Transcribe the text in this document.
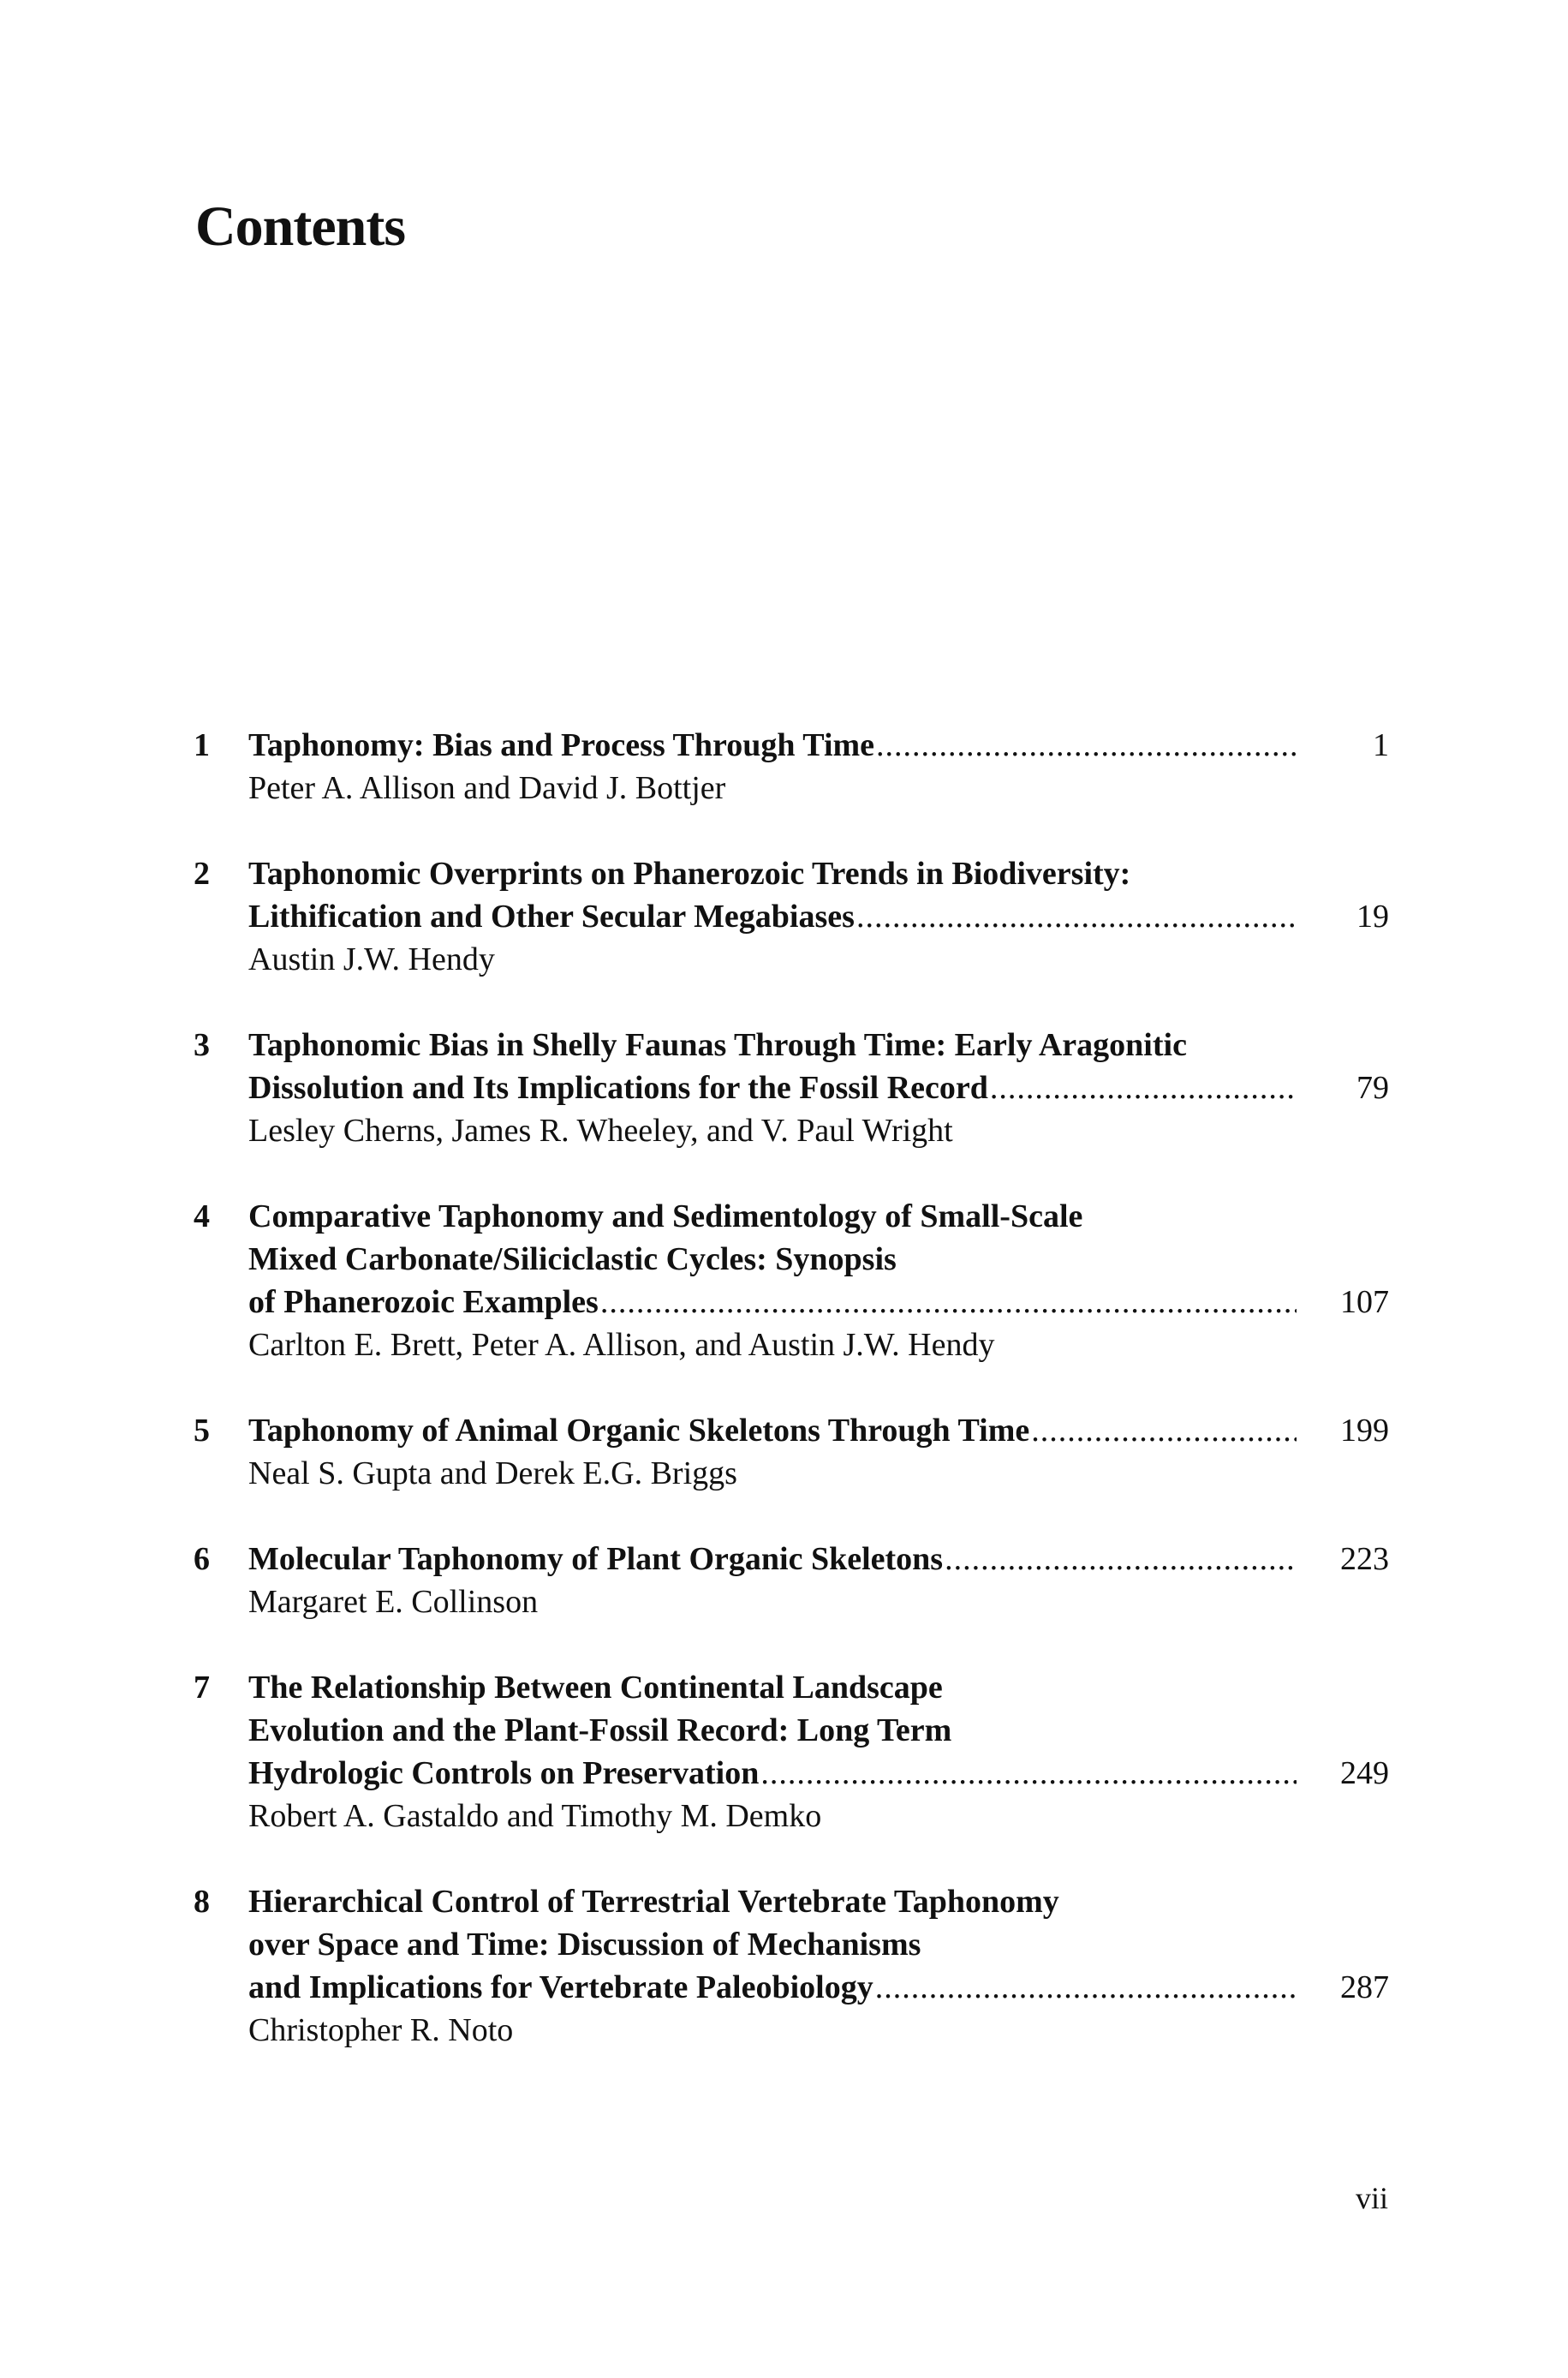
Contents
1 Taphonomy: Bias and Process Through Time .....	1
Peter A. Allison and David J. Bottjer
2 Taphonomic Overprints on Phanerozoic Trends in Biodiversity:
Lithification and Other Secular Megabiases .....	19
Austin J.W. Hendy
3 Taphonomic Bias in Shelly Faunas Through Time: Early Aragonitic
Dissolution and Its Implications for the Fossil Record .....	79
Lesley Cherns, James R. Wheeley, and V. Paul Wright
4 Comparative Taphonomy and Sedimentology of Small-Scale
Mixed Carbonate/Siliciclastic Cycles: Synopsis
of Phanerozoic Examples .....	107
Carlton E. Brett, Peter A. Allison, and Austin J.W. Hendy
5 Taphonomy of Animal Organic Skeletons Through Time .....	199
Neal S. Gupta and Derek E.G. Briggs
6 Molecular Taphonomy of Plant Organic Skeletons .....	223
Margaret E. Collinson
7 The Relationship Between Continental Landscape
Evolution and the Plant-Fossil Record: Long Term
Hydrologic Controls on Preservation .....	249
Robert A. Gastaldo and Timothy M. Demko
8 Hierarchical Control of Terrestrial Vertebrate Taphonomy
over Space and Time: Discussion of Mechanisms
and Implications for Vertebrate Paleobiology .....	287
Christopher R. Noto
vii
